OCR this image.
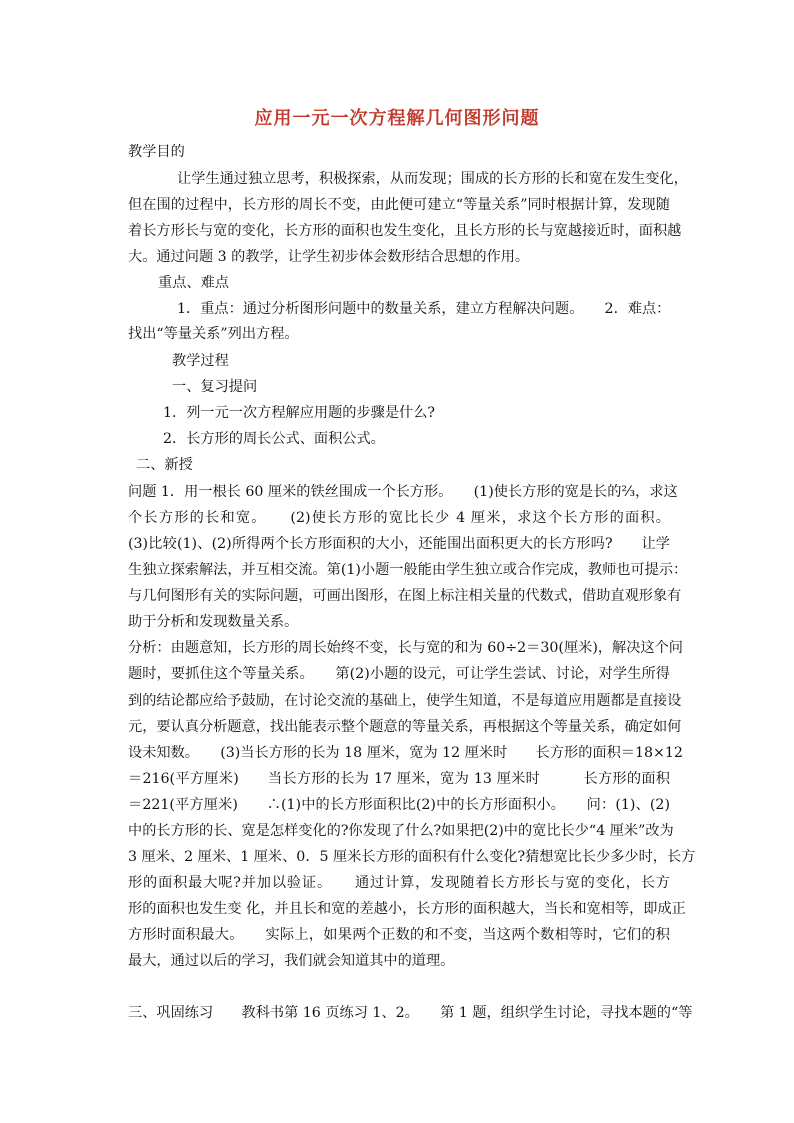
应用一元一次方程解几何图形问题
教学目的
让学生通过独立思考，积极探索，从而发现；围成的长方形的长和宽在发生变化，
但在围的过程中，长方形的周长不变，由此便可建立“等量关系”同时根据计算，发现随
着长方形长与宽的变化，长方形的面积也发生变化，且长方形的长与宽越接近时，面积越
大。通过问题 3 的教学，让学生初步体会数形结合思想的作用。
重点、难点
1．重点：通过分析图形问题中的数量关系，建立方程解决问题。　　2．难点：
找出“等量关系”列出方程。
教学过程
一、复习提问
1．列一元一次方程解应用题的步骤是什么?
2．长方形的周长公式、面积公式。
二、新授
问题 1．用一根长 60 厘米的铁丝围成一个长方形。　　(1)使长方形的宽是长的⅔，求这
个长方形的长和宽。　　(2)使长方形的宽比长少 4 厘米，求这个长方形的面积。
(3)比较(1)、(2)所得两个长方形面积的大小，还能围出面积更大的长方形吗?　　让学
生独立探索解法，并互相交流。第(1)小题一般能由学生独立或合作完成，教师也可提示：
与几何图形有关的实际问题，可画出图形，在图上标注相关量的代数式，借助直观形象有
助于分析和发现数量关系。
分析：由题意知，长方形的周长始终不变，长与宽的和为 60÷2＝30(厘米)，解决这个问
题时，要抓住这个等量关系。　　第(2)小题的设元，可让学生尝试、讨论，对学生所得
到的结论都应给予鼓励，在讨论交流的基础上，使学生知道，不是每道应用题都是直接设
元，要认真分析题意，找出能表示整个题意的等量关系，再根据这个等量关系，确定如何
设未知数。　　(3)当长方形的长为 18 厘米，宽为 12 厘米时　　长方形的面积＝18×12
＝216(平方厘米)　　当长方形的长为 17 厘米，宽为 13 厘米时　　　长方形的面积
＝221(平方厘米)　　∴(1)中的长方形面积比(2)中的长方形面积小。　　问：(1)、(2)
中的长方形的长、宽是怎样变化的?你发现了什么?如果把(2)中的宽比长少“4 厘米”改为
3 厘米、2 厘米、1 厘米、0．5 厘米长方形的面积有什么变化?猜想宽比长少多少时，长方
形的面积最大呢?并加以验证。　　通过计算，发现随着长方形长与宽的变化，长方
形的面积也发生变 化，并且长和宽的差越小，长方形的面积越大，当长和宽相等，即成正
方形时面积最大。　　实际上，如果两个正数的和不变，当这两个数相等时，它们的积
最大，通过以后的学习，我们就会知道其中的道理。
三、巩固练习　　教科书第 16 页练习 1、2。　　第 1 题，组织学生讨论，寻找本题的“等
